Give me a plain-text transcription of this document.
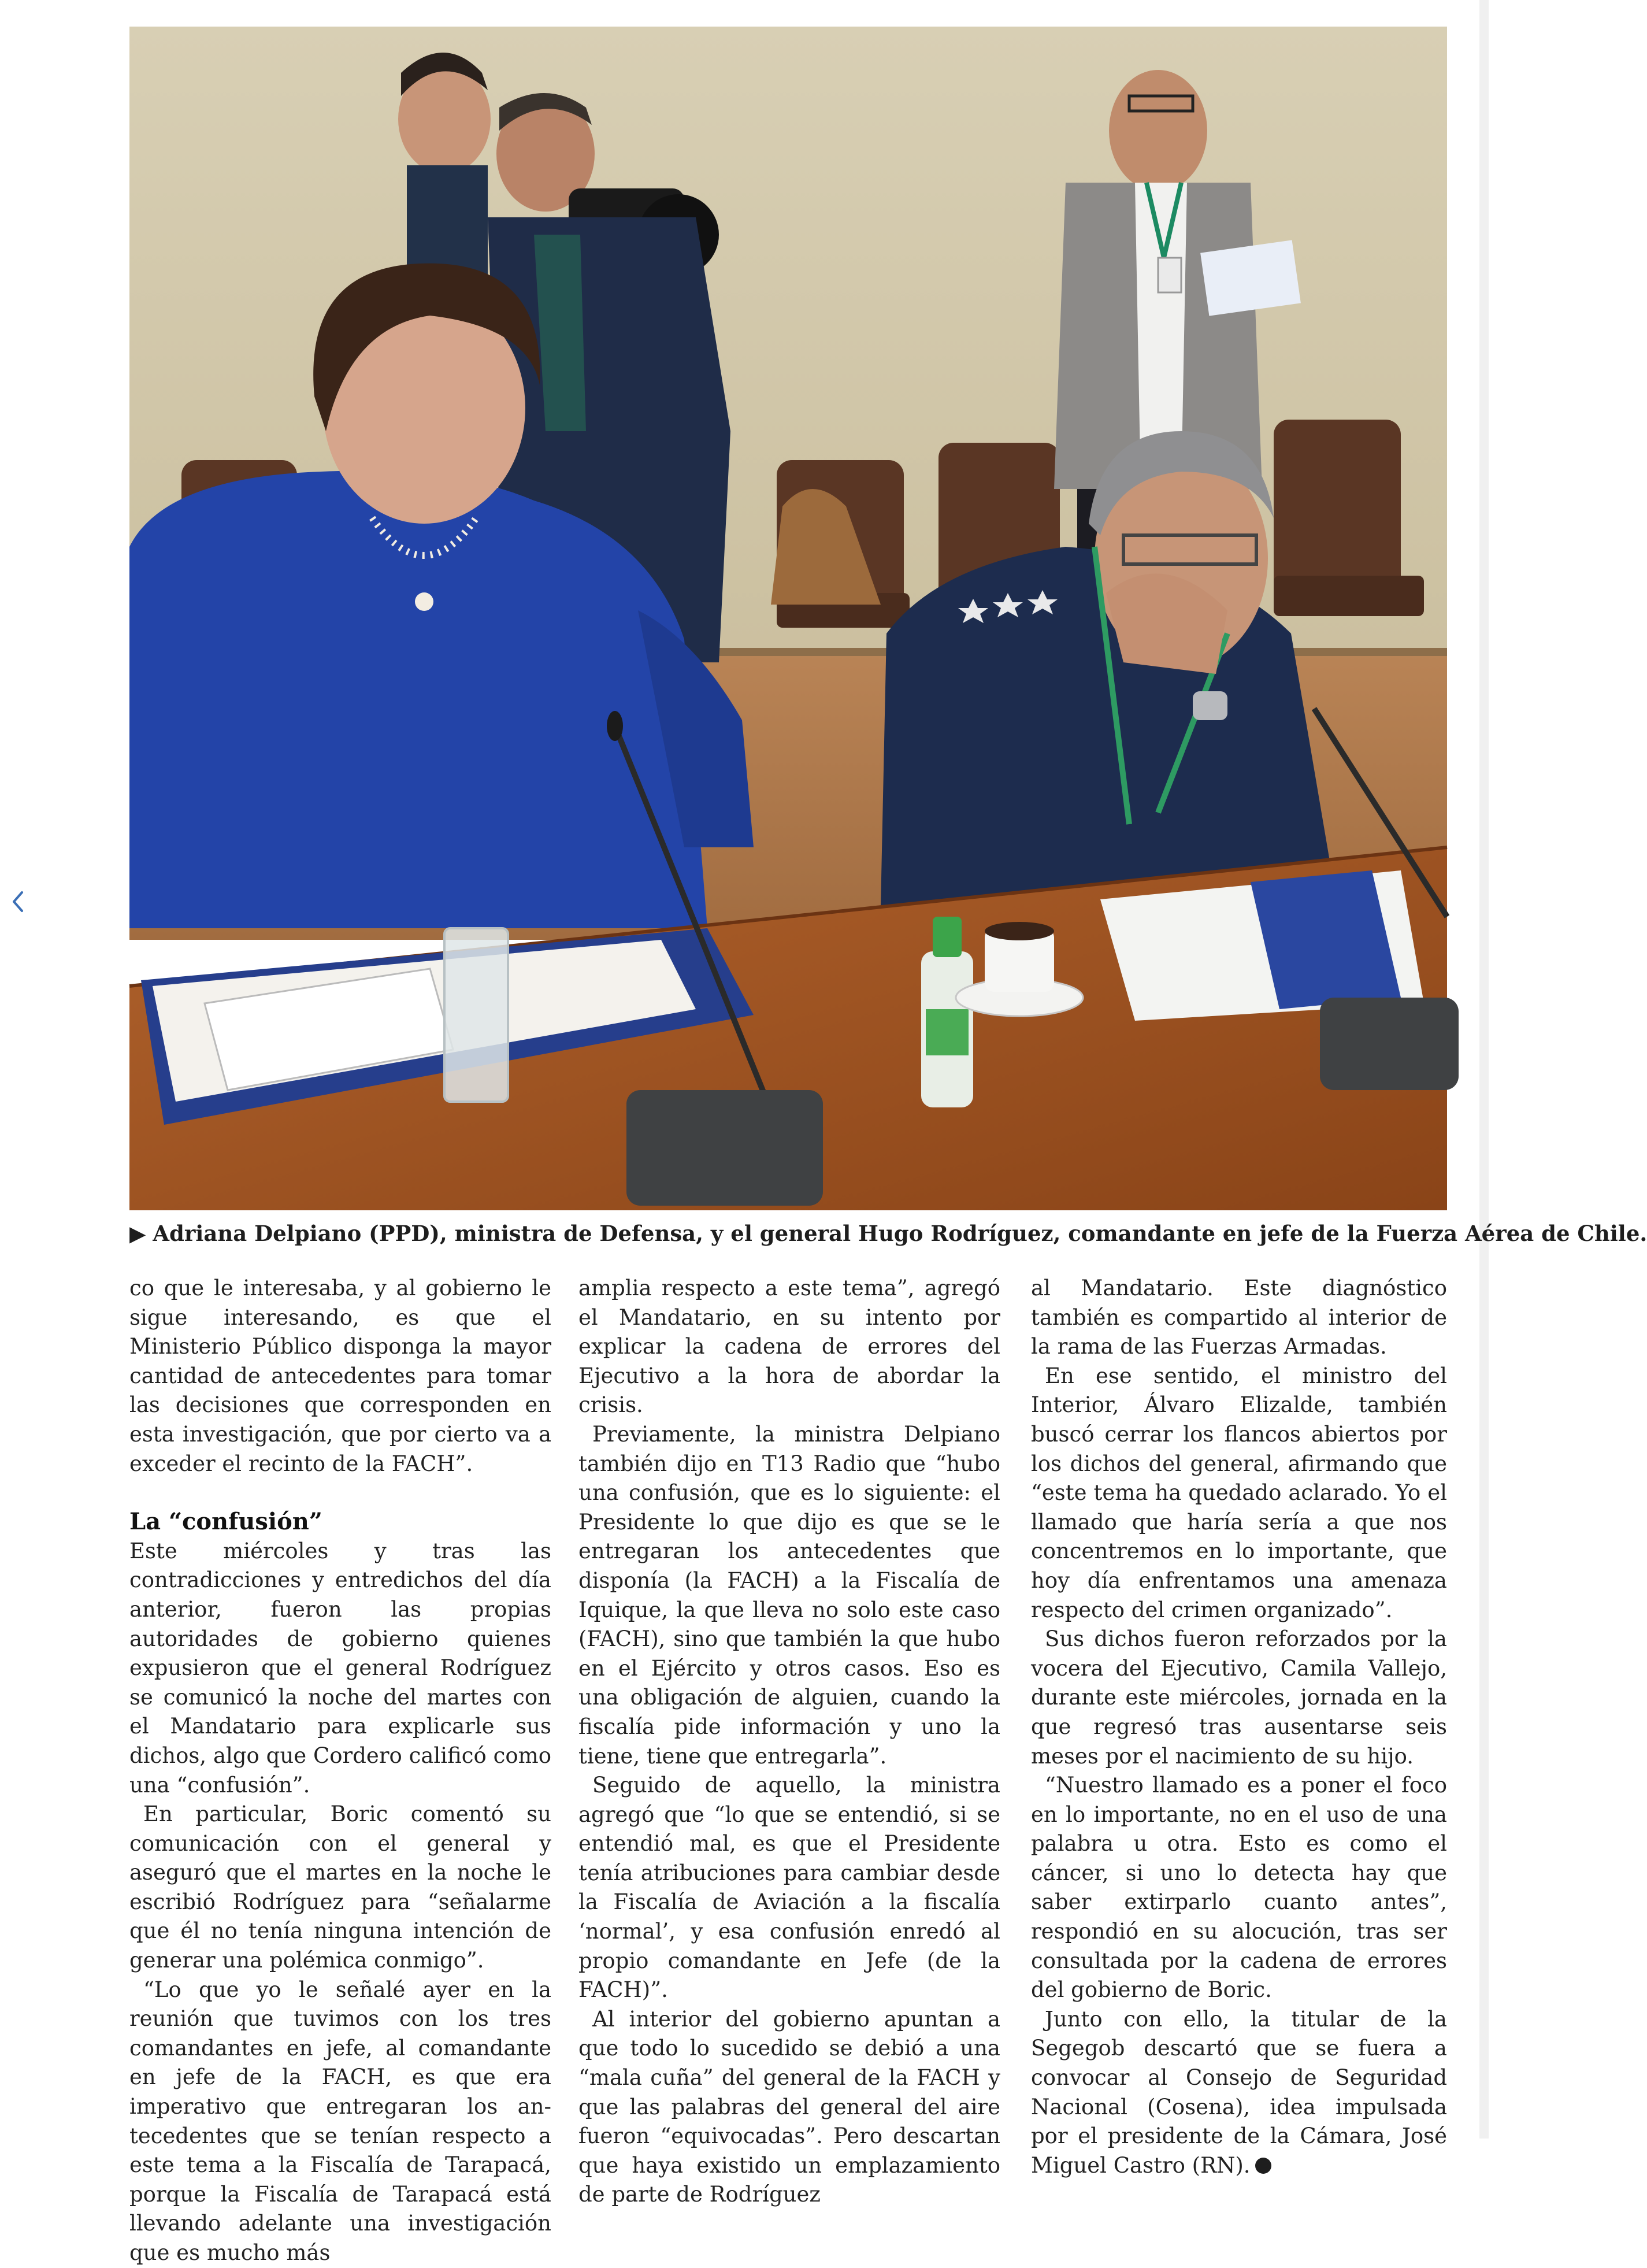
▶ Adriana Delpiano (PPD), ministra de Defensa, y el general Hugo Rodríguez, comandante en jefe de la Fuerza Aérea de Chile.

co que le interesaba, y al gobierno le sigue interesando, es que el Ministerio Público disponga la mayor cantidad de antecedentes para tomar las decisiones que corresponden en esta investigación, que por cierto va a exceder el recinto de la FACH”.

La “confusión”

Este miércoles y tras las contradicciones y entredichos del día anterior, fueron las propias autoridades de gobierno quienes expusieron que el general Rodríguez se comunicó la noche del martes con el Mandatario para explicarle sus dichos, algo que Cordero calificó como una “confusión”.

En particular, Boric comentó su comunicación con el general y aseguró que el martes en la noche le escribió Rodríguez para “señalarme que él no tenía ninguna intención de generar una polémica conmigo”.

“Lo que yo le señalé ayer en la reunión que tuvimos con los tres comandantes en jefe, al comandante en jefe de la FACH, es que era imperativo que entregaran los antecedentes que se tenían respecto a este tema a la Fiscalía de Tarapacá, porque la Fiscalía de Tarapacá está llevando adelante una investigación que es mucho más

amplia respecto a este tema”, agregó el Mandatario, en su intento por explicar la cadena de errores del Ejecutivo a la hora de abordar la crisis.

Previamente, la ministra Delpiano también dijo en T13 Radio que “hubo una confusión, que es lo siguiente: el Presidente lo que dijo es que se le entregaran los antecedentes que disponía (la FACH) a la Fiscalía de Iquique, la que lleva no solo este caso (FACH), sino que también la que hubo en el Ejército y otros casos. Eso es una obligación de alguien, cuando la fiscalía pide información y uno la tiene, tiene que entregarla”.

Seguido de aquello, la ministra agregó que “lo que se entendió, si se entendió mal, es que el Presidente tenía atribuciones para cambiar desde la Fiscalía de Aviación a la fiscalía ‘normal’, y esa confusión enredó al propio comandante en Jefe (de la FACH)”.

Al interior del gobierno apuntan a que todo lo sucedido se debió a una “mala cuña” del general de la FACH y que las palabras del general del aire fueron “equivocadas”. Pero descartan que haya existido un emplazamiento de parte de Rodríguez

al Mandatario. Este diagnóstico también es compartido al interior de la rama de las Fuerzas Armadas.

En ese sentido, el ministro del Interior, Álvaro Elizalde, también buscó cerrar los flancos abiertos por los dichos del general, afirmando que “este tema ha quedado aclarado. Yo el llamado que haría sería a que nos concentremos en lo importante, que hoy día enfrentamos una amenaza respecto del crimen organizado”.

Sus dichos fueron reforzados por la vocera del Ejecutivo, Camila Vallejo, durante este miércoles, jornada en la que regresó tras ausentarse seis meses por el nacimiento de su hijo.

“Nuestro llamado es a poner el foco en lo importante, no en el uso de una palabra u otra. Esto es como el cáncer, si uno lo detecta hay que saber extirparlo cuanto antes”, respondió en su alocución, tras ser consultada por la cadena de errores del gobierno de Boric.

Junto con ello, la titular de la Segegob descartó que se fuera a convocar al Consejo de Seguridad Nacional (Cosena), idea impulsada por el presidente de la Cámara, José Miguel Castro (RN).
